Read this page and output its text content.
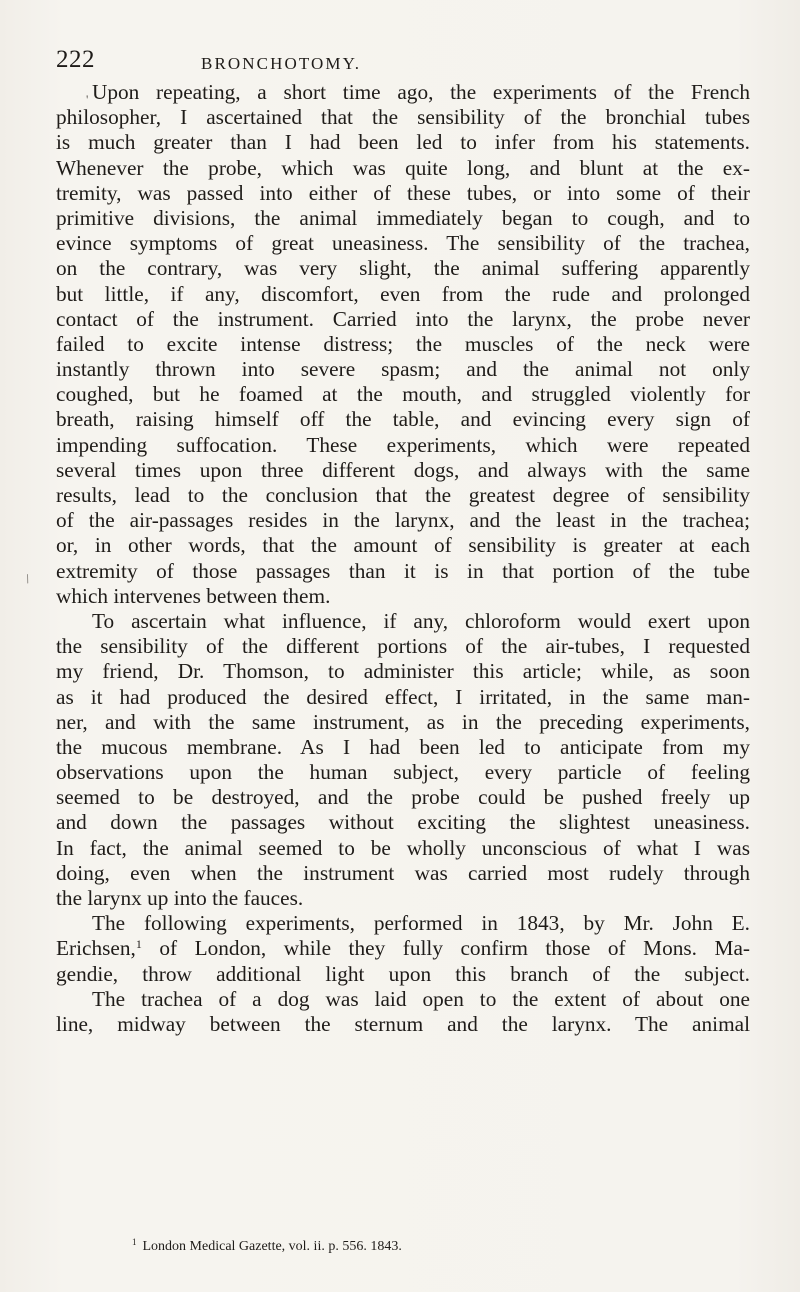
'
/
222	BRONCHOTOMY.
Upon repeating, a short time ago, the experiments of the French
philosopher, I ascertained that the sensibility of the bronchial tubes
is much greater than I had been led to infer from his statements.
Whenever the probe, which was quite long, and blunt at the ex-
tremity, was passed into either of these tubes, or into some of their
primitive divisions, the animal immediately began to cough, and to
evince symptoms of great uneasiness. The sensibility of the trachea,
on the contrary, was very slight, the animal suffering apparently
but little, if any, discomfort, even from the rude and prolonged
contact of the instrument. Carried into the larynx, the probe never
failed to excite intense distress; the muscles of the neck were
instantly thrown into severe spasm; and the animal not only
coughed, but he foamed at the mouth, and struggled violently for
breath, raising himself off the table, and evincing every sign of
impending suffocation. These experiments, which were repeated
several times upon three different dogs, and always with the same
results, lead to the conclusion that the greatest degree of sensibility
of the air-passages resides in the larynx, and the least in the trachea;
or, in other words, that the amount of sensibility is greater at each
extremity of those passages than it is in that portion of the tube
which intervenes between them.
To ascertain what influence, if any, chloroform would exert upon
the sensibility of the different portions of the air-tubes, I requested
my friend, Dr. Thomson, to administer this article; while, as soon
as it had produced the desired effect, I irritated, in the same man-
ner, and with the same instrument, as in the preceding experiments,
the mucous membrane. As I had been led to anticipate from my
observations upon the human subject, every particle of feeling
seemed to be destroyed, and the probe could be pushed freely up
and down the passages without exciting the slightest uneasiness.
In fact, the animal seemed to be wholly unconscious of what I was
doing, even when the instrument was carried most rudely through
the larynx up into the fauces.
The following experiments, performed in 1843, by Mr. John E.
Erichsen,$^1$ of London, while they fully confirm those of Mons. Ma-
gendie, throw additional light upon this branch of the subject.
The trachea of a dog was laid open to the extent of about one
line, midway between the sternum and the larynx. The animal
$^1$ London Medical Gazette, vol. ii. p. 556. 1843.
